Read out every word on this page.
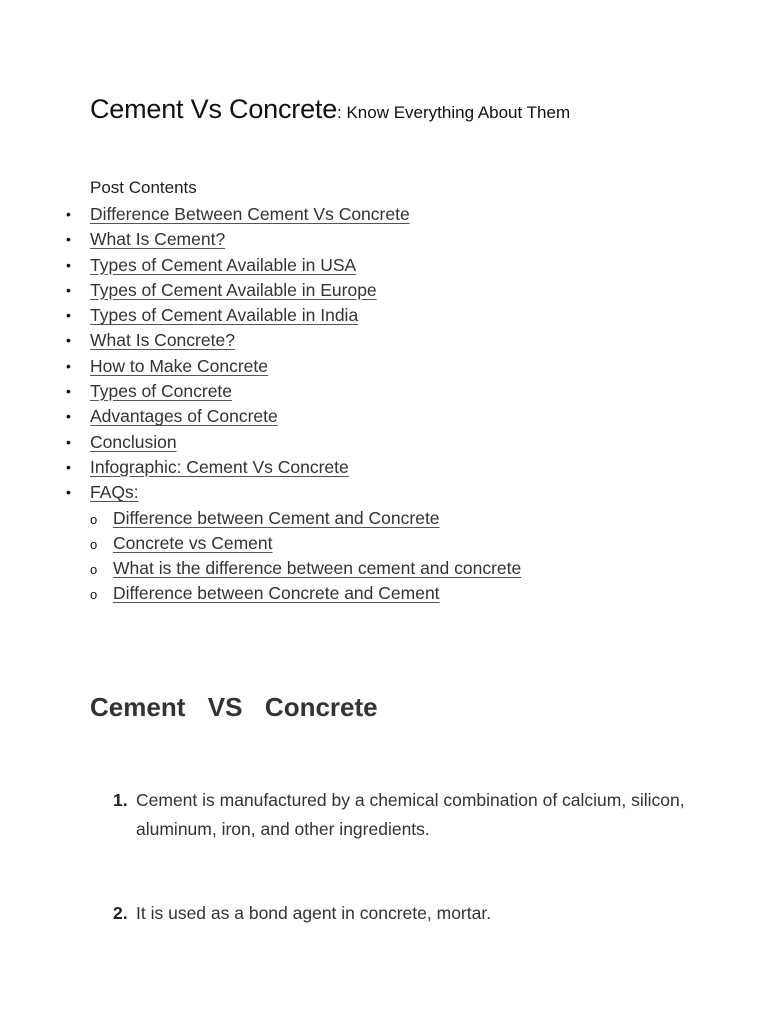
Cement Vs Concrete: Know Everything About Them
Post Contents
• Difference Between Cement Vs Concrete
• What Is Cement?
• Types of Cement Available in USA
• Types of Cement Available in Europe
• Types of Cement Available in India
• What Is Concrete?
• How to Make Concrete
• Types of Concrete
• Advantages of Concrete
• Conclusion
• Infographic: Cement Vs Concrete
• FAQs:
o Difference between Cement and Concrete
o Concrete vs Cement
o What is the difference between cement and concrete
o Difference between Concrete and Cement
Cement  VS  Concrete
1. Cement is manufactured by a chemical combination of calcium, silicon, aluminum, iron, and other ingredients.
2. It is used as a bond agent in concrete, mortar.
